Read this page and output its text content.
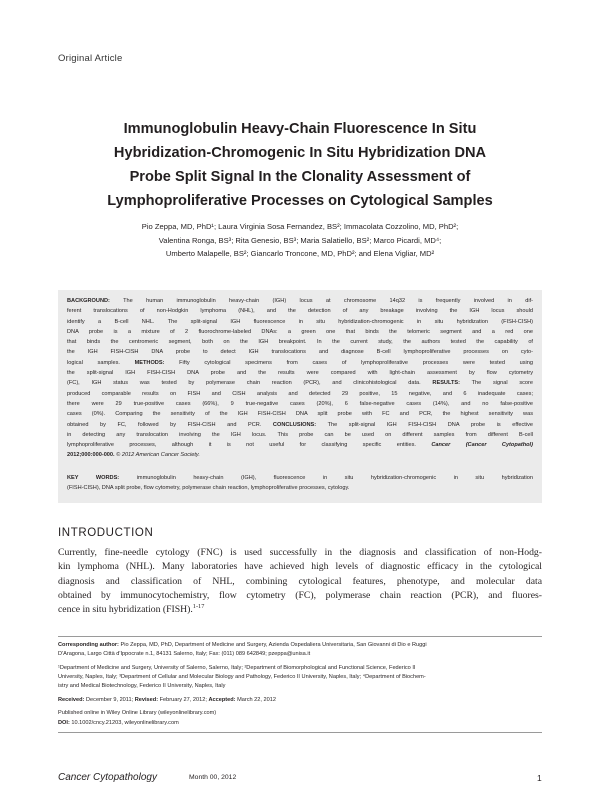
Original Article
Immunoglobulin Heavy-Chain Fluorescence In Situ
Hybridization-Chromogenic In Situ Hybridization DNA
Probe Split Signal In the Clonality Assessment of
Lymphoproliferative Processes on Cytological Samples
Pio Zeppa, MD, PhD¹; Laura Virginia Sosa Fernandez, BS²; Immacolata Cozzolino, MD, PhD²;
Valentina Ronga, BS³; Rita Genesio, BS³; Maria Salatiello, BS²; Marco Picardi, MD⁴;
Umberto Malapelle, BS²; Giancarlo Troncone, MD, PhD²; and Elena Vigliar, MD²
BACKGROUND: The human immunoglobulin heavy-chain (IGH) locus at chromosome 14q32 is frequently involved in dif-
ferent translocations of non-Hodgkin lymphoma (NHL), and the detection of any breakage involving the IGH locus should
identify a B-cell NHL. The split-signal IGH fluorescence in situ hybridization-chromogenic in situ hybridization (FISH-CISH)
DNA probe is a mixture of 2 fluorochrome-labeled DNAs: a green one that binds the telomeric segment and a red one
that binds the centromeric segment, both on the IGH breakpoint. In the current study, the authors tested the capability of
the IGH FISH-CISH DNA probe to detect IGH translocations and diagnose B-cell lymphoproliferative processes on cyto-
logical samples.	METHODS:	Fifty cytological specimens from cases of lymphoproliferative processes were tested using
the split-signal IGH FISH-CISH DNA probe and the results were compared with light-chain assessment by flow cytometry
(FC), IGH status was tested by polymerase chain reaction (PCR), and clinicohistological data. RESULTS: The signal score
produced comparable results on FISH and CISH analysis and detected 29 positive, 15 negative, and 6 inadequate cases;
there were 29 true-positive cases (66%), 9 true-negative cases (20%), 6 false-negative cases (14%), and no false-positive
cases (0%). Comparing the sensitivity of the IGH FISH-CISH DNA split probe with FC and PCR, the highest sensitivity was
obtained by FC, followed by FISH-CISH and PCR. CONCLUSIONS: The split-signal IGH FISH-CISH DNA probe is effective
in detecting any translocation involving the IGH locus. This probe can be used on different samples from different B-cell
lymphoproliferative processes, although it is not useful for classifying specific entities.	Cancer (Cancer Cytopathol)
2012;000:000-000. © 2012 American Cancer Society.
KEY WORDS:	immunoglobulin heavy-chain (IGH), fluorescence in situ hybridization-chromogenic in situ hybridization
(FISH-CISH), DNA split probe, flow cytometry, polymerase chain reaction, lymphoproliferative processes, cytology.
INTRODUCTION
Currently, fine-needle cytology (FNC) is used successfully in the diagnosis and classification of non-Hodg-
kin lymphoma (NHL). Many laboratories have achieved high levels of diagnostic efficacy in the cytological
diagnosis and classification of NHL, combining cytological features, phenotype, and molecular data
obtained by immunocytochemistry, flow cytometry (FC), polymerase chain reaction (PCR), and fluores-
cence in situ hybridization (FISH).$^{1-17}$
Corresponding author: Pio Zeppa, MD, PhD, Department of Medicine and Surgery, Azienda Ospedaliera Universitaria, San Giovanni di Dio e Ruggi
D'Aragona, Largo Città d'Ippocrate n.1, 84131 Salerno, Italy; Fax: (011) 089 642849; pzeppa@unisa.it
¹Department of Medicine and Surgery, University of Salerno, Salerno, Italy; ²Department of Biomorphological and Functional Science, Federico II
University, Naples, Italy; ³Department of Cellular and Molecular Biology and Pathology, Federico II University, Naples, Italy; ⁴Department of Biochem-
istry and Medical Biotechnology, Federico II University, Naples, Italy
Received: December 9, 2011; Revised: February 27, 2012; Accepted: March 22, 2012
Published online in Wiley Online Library (wileyonlinelibrary.com)
DOI: 10.1002/cncy.21203, wileyonlinelibrary.com
Cancer Cytopathology	Month 00, 2012	1
